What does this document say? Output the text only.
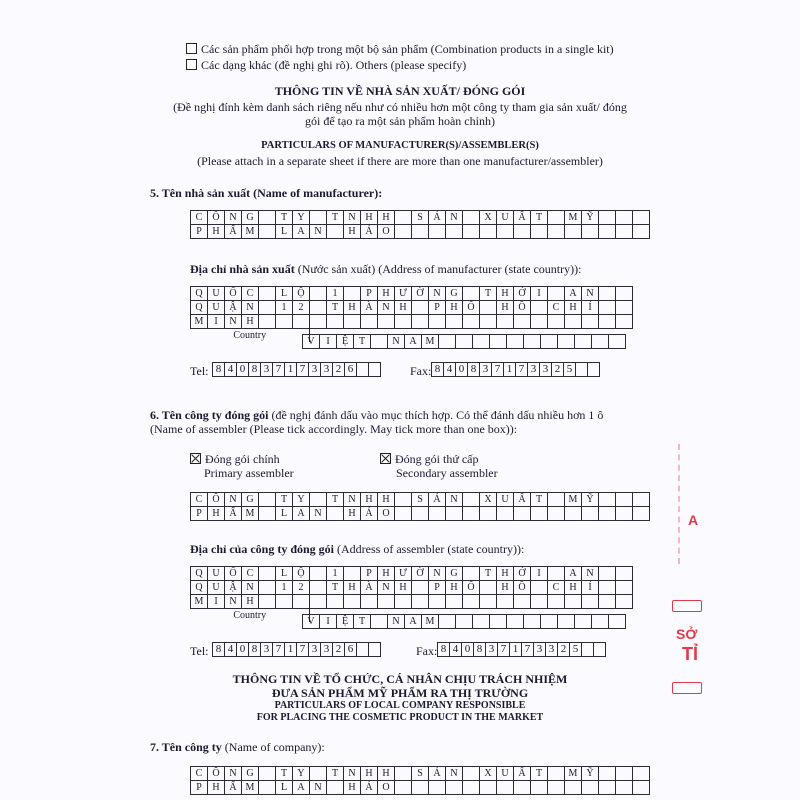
Các sản phẩm phối hợp trong một bộ sản phẩm (Combination products in a single kit)
Các dạng khác (đề nghị ghi rõ). Others (please specify)
THÔNG TIN VỀ NHÀ SẢN XUẤT/ ĐÓNG GÓI
(Đề nghị đính kèm danh sách riêng nếu như có nhiều hơn một công ty tham gia sản xuất/ đóng
gói để tạo ra một sản phẩm hoàn chỉnh)
PARTICULARS OF MANUFACTURER(S)/ASSEMBLER(S)
(Please attach in a separate sheet if there are more than one manufacturer/assembler)
5. Tên nhà sản xuất (Name of manufacturer):
C	Ô	N	G		T	Y		T	N	H	H		S	Ả	N		X	U	Ấ	T		M	Ỹ			
P	H	Ẩ	M		L	A	N		H	Ả	O															
Địa chỉ nhà sản xuất (Nước sản xuất) (Address of manufacturer (state country)):
Q	U	Ố	C		L	Ộ		1		P	H	Ư	Ờ	N	G		T	H	Ớ	I		A	N		
Q	U	Ậ	N		1	2		T	H	À	N	H		P	H	Ố		H	Ồ		C	H	Í		
M	I	N	H																						
Country																									
V	I	Ệ	T		N	A	M											
Tel: 8 4 0 8 3 7 1 7 3 3 2 6	Fax: 8 4 0 8 3 7 1 7 3 3 2 5
6. Tên công ty đóng gói (đề nghị đánh dấu vào mục thích hợp. Có thể đánh dấu nhiều hơn 1 ô
(Name of assembler (Please tick accordingly. May tick more than one box)):
Đóng gói chính
Primary assembler
Đóng gói thứ cấp
Secondary assembler
C	Ô	N	G		T	Y		T	N	H	H		S	Ả	N		X	U	Ấ	T		M	Ỹ			
P	H	Ẩ	M		L	A	N		H	Ả	O															
Địa chỉ của công ty đóng gói (Address of assembler (state country)):
Q	U	Ố	C		L	Ộ		1		P	H	Ư	Ờ	N	G		T	H	Ớ	I		A	N		
Q	U	Ậ	N		1	2		T	H	À	N	H		P	H	Ố		H	Ồ		C	H	Í		
M	I	N	H																						
Country																									
V	I	Ệ	T		N	A	M											
Tel: 8 4 0 8 3 7 1 7 3 3 2 6	Fax: 8 4 0 8 3 7 1 7 3 3 2 5
THÔNG TIN VỀ TỔ CHỨC, CÁ NHÂN CHỊU TRÁCH NHIỆM
ĐƯA SẢN PHẨM MỸ PHẨM RA THỊ TRƯỜNG
PARTICULARS OF LOCAL COMPANY RESPONSIBLE
FOR PLACING THE COSMETIC PRODUCT IN THE MARKET
7. Tên công ty (Name of company):
C	Ô	N	G		T	Y		T	N	H	H		S	Ả	N		X	U	Ấ	T		M	Ỹ			
P	H	Ẩ	M		L	A	N		H	Ả	O															
A
SỞ
TỈ
